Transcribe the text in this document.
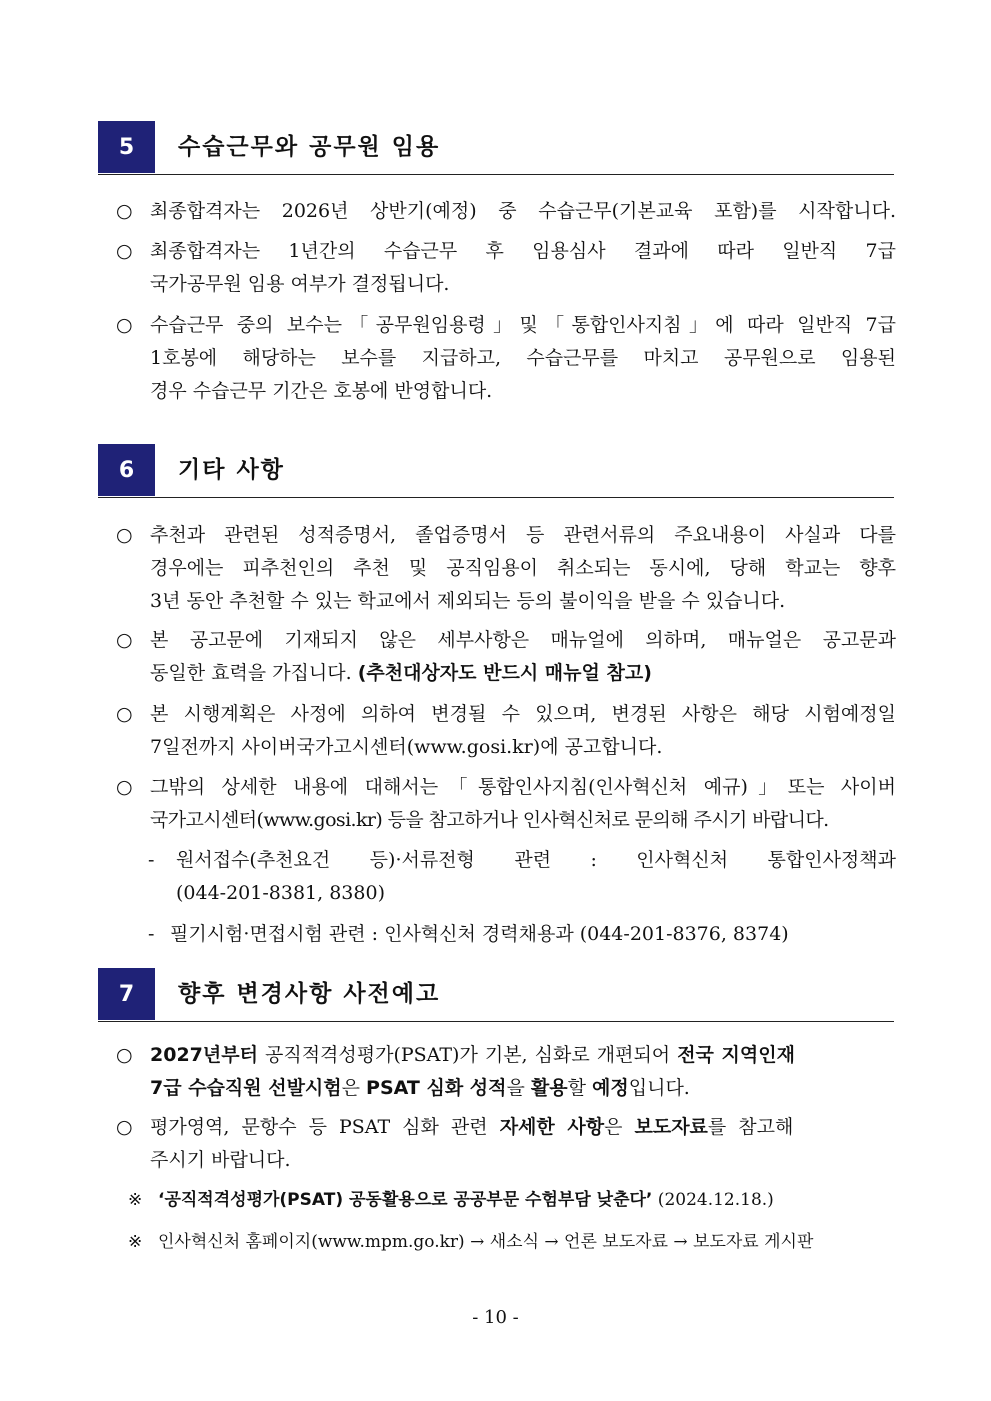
5	수습근무와 공무원 임용
○ 최종합격자는 2026년 상반기(예정) 중 수습근무(기본교육 포함)를 시작합니다.
○ 최종합격자는 1년간의 수습근무 후 임용심사 결과에 따라 일반직 7급
국가공무원 임용 여부가 결정됩니다.
○ 수습근무 중의 보수는「공무원임용령」및「통합인사지침」에 따라 일반직 7급
1호봉에 해당하는 보수를 지급하고, 수습근무를 마치고 공무원으로 임용된
경우 수습근무 기간은 호봉에 반영합니다.
6	기타 사항
○ 추천과 관련된 성적증명서, 졸업증명서 등 관련서류의 주요내용이 사실과 다를
경우에는 피추천인의 추천 및 공직임용이 취소되는 동시에, 당해 학교는 향후
3년 동안 추천할 수 있는 학교에서 제외되는 등의 불이익을 받을 수 있습니다.
○ 본 공고문에 기재되지 않은 세부사항은 매뉴얼에 의하며, 매뉴얼은 공고문과
동일한 효력을 가집니다. (추천대상자도 반드시 매뉴얼 참고)
○ 본 시행계획은 사정에 의하여 변경될 수 있으며, 변경된 사항은 해당 시험예정일
7일전까지 사이버국가고시센터(www.gosi.kr)에 공고합니다.
○ 그밖의 상세한 내용에 대해서는「통합인사지침(인사혁신처 예규)」또는 사이버
국가고시센터(www.gosi.kr) 등을 참고하거나 인사혁신처로 문의해 주시기 바랍니다.
- 원서접수(추천요건 등)·서류전형 관련 : 인사혁신처 통합인사정책과
(044-201-8381, 8380)
- 필기시험·면접시험 관련 : 인사혁신처 경력채용과 (044-201-8376, 8374)
7	향후 변경사항 사전예고
○ 2027년부터 공직적격성평가(PSAT)가 기본, 심화로 개편되어 전국 지역인재
7급 수습직원 선발시험은 PSAT 심화 성적을 활용할 예정입니다.
○ 평가영역, 문항수 등 PSAT 심화 관련 자세한 사항은 보도자료를 참고해
주시기 바랍니다.
※ ‘공직적격성평가(PSAT) 공동활용으로 공공부문 수험부담 낮춘다’ (2024.12.18.)
※ 인사혁신처 홈페이지(www.mpm.go.kr) → 새소식 → 언론 보도자료 → 보도자료 게시판
- 10 -
